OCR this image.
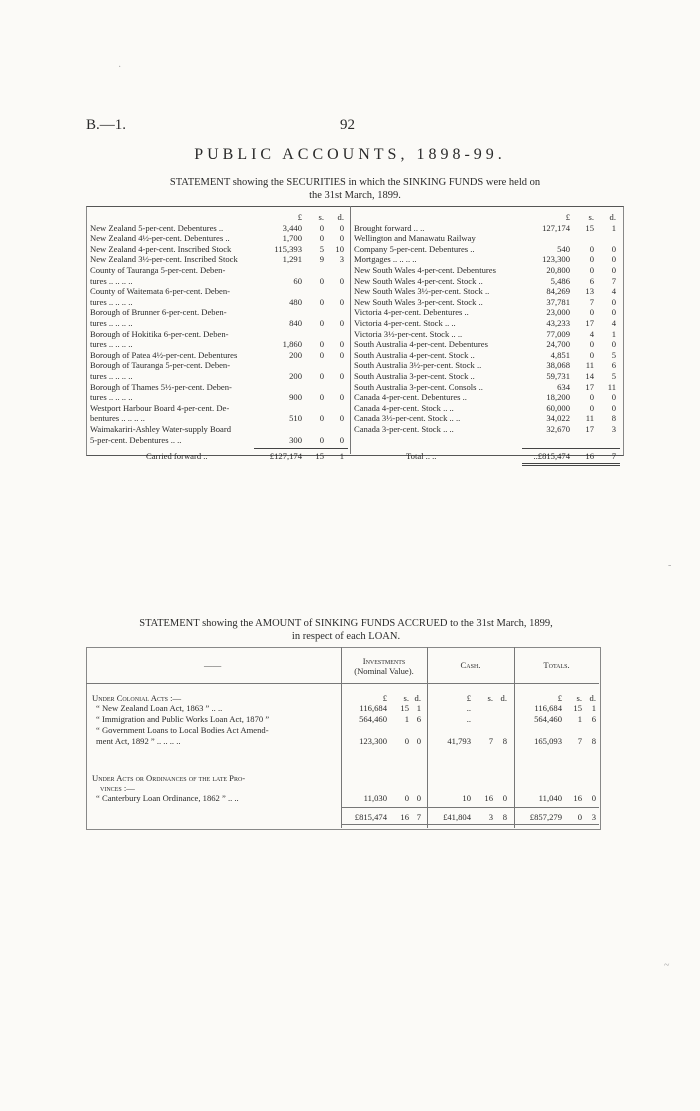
B.—1.	92
PUBLIC ACCOUNTS, 1898-99.
·
-
~
STATEMENT showing the SECURITIES in which the SINKING FUNDS were held on
the 31st March, 1899.
£	s.	d.
New Zealand 5-per-cent. Debentures ..	3,440	0	0
New Zealand 4½-per-cent. Debentures ..	1,700	0	0
New Zealand 4-per-cent. Inscribed Stock	115,393	5	10
New Zealand 3½-per-cent. Inscribed Stock	1,291	9	3
County of Tauranga 5-per-cent. Deben-
tures .. .. .. ..	60	0	0
County of Waitemata 6-per-cent. Deben-
tures .. .. .. ..	480	0	0
Borough of Brunner 6-per-cent. Deben-
tures .. .. .. ..	840	0	0
Borough of Hokitika 6-per-cent. Deben-
tures .. .. .. ..	1,860	0	0
Borough of Patea 4½-per-cent. Debentures	200	0	0
Borough of Tauranga 5-per-cent. Deben-
tures .. .. .. ..	200	0	0
Borough of Thames 5½-per-cent. Deben-
tures .. .. .. ..	900	0	0
Westport Harbour Board 4-per-cent. De-
bentures .. .. .. ..	510	0	0
Waimakariri-Ashley Water-supply Board
5-per-cent. Debentures .. ..	300	0	0
Carried forward ..	£127,174	15	1
£	s.	d.
Brought forward .. ..	127,174	15	1
Wellington and Manawatu Railway
Company 5-per-cent. Debentures ..	540	0	0
Mortgages .. .. .. ..	123,300	0	0
New South Wales 4-per-cent. Debentures	20,800	0	0
New South Wales 4-per-cent. Stock ..	5,486	6	7
New South Wales 3½-per-cent. Stock ..	84,269	13	4
New South Wales 3-per-cent. Stock ..	37,781	7	0
Victoria 4-per-cent. Debentures ..	23,000	0	0
Victoria 4-per-cent. Stock .. ..	43,233	17	4
Victoria 3½-per-cent. Stock .. ..	77,009	4	1
South Australia 4-per-cent. Debentures	24,700	0	0
South Australia 4-per-cent. Stock ..	4,851	0	5
South Australia 3½-per-cent. Stock ..	38,068	11	6
South Australia 3-per-cent. Stock ..	59,731	14	5
South Australia 3-per-cent. Consols ..	634	17	11
Canada 4-per-cent. Debentures ..	18,200	0	0
Canada 4-per-cent. Stock .. ..	60,000	0	0
Canada 3½-per-cent. Stock .. ..	34,022	11	8
Canada 3-per-cent. Stock .. ..	32,670	17	3
Total .. ..	..£815,474	16	7
STATEMENT showing the AMOUNT of SINKING FUNDS ACCRUED to the 31st March, 1899,
in respect of each LOAN.
——	Investments
(Nominal Value).
Cash.	Totals.
£	s. d.	£	s. d.	£	s. d.
Under Colonial Acts :—
“ New Zealand Loan Act, 1863 ” .. ..	116,684	15 1	..	116,684	15	1
“ Immigration and Public Works Loan Act, 1870 ”	564,460	1 6	..	564,460	1	6
“ Government Loans to Local Bodies Act Amend-
ment Act, 1892 ” .. .. .. ..	123,300	0 0	41,793	7	8	165,093	7	8
Under Acts or Ordinances of the late Pro-
vinces :—
“ Canterbury Loan Ordinance, 1862 ” .. ..	11,030	0 0	10	16	0	11,040	16	0
£815,474	16 7	£41,804	3	8	£857,279	0	3
